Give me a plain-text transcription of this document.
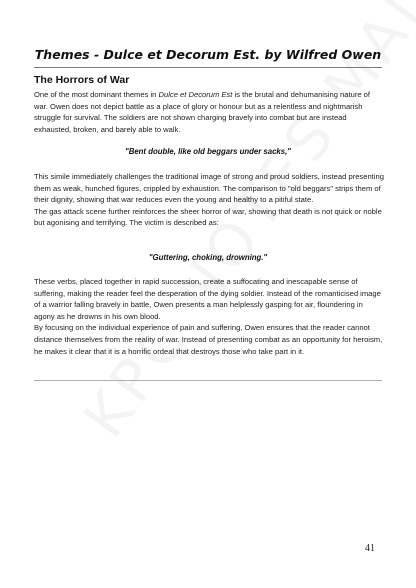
Themes - Dulce et Decorum Est. by Wilfred Owen
The Horrors of War

One of the most dominant themes in Dulce et Decorum Est is the brutal and dehumanising nature of war. Owen does not depict battle as a place of glory or honour but as a relentless and nightmarish struggle for survival. The soldiers are not shown charging bravely into combat but are instead exhausted, broken, and barely able to walk.

"Bent double, like old beggars under sacks,"

This simile immediately challenges the traditional image of strong and proud soldiers, instead presenting them as weak, hunched figures, crippled by exhaustion. The comparison to "old beggars" strips them of their dignity, showing that war reduces even the young and healthy to a pitiful state.

The gas attack scene further reinforces the sheer horror of war, showing that death is not quick or noble but agonising and terrifying. The victim is described as:

"Guttering, choking, drowning."

These verbs, placed together in rapid succession, create a suffocating and inescapable sense of suffering, making the reader feel the desperation of the dying soldier. Instead of the romanticised image of a warrior falling bravely in battle, Owen presents a man helplessly gasping for air, floundering in agony as he drowns in his own blood.

By focusing on the individual experience of pain and suffering, Owen ensures that the reader cannot distance themselves from the reality of war. Instead of presenting combat as an opportunity for heroism, he makes it clear that it is a horrific ordeal that destroys those who take part in it.

41
